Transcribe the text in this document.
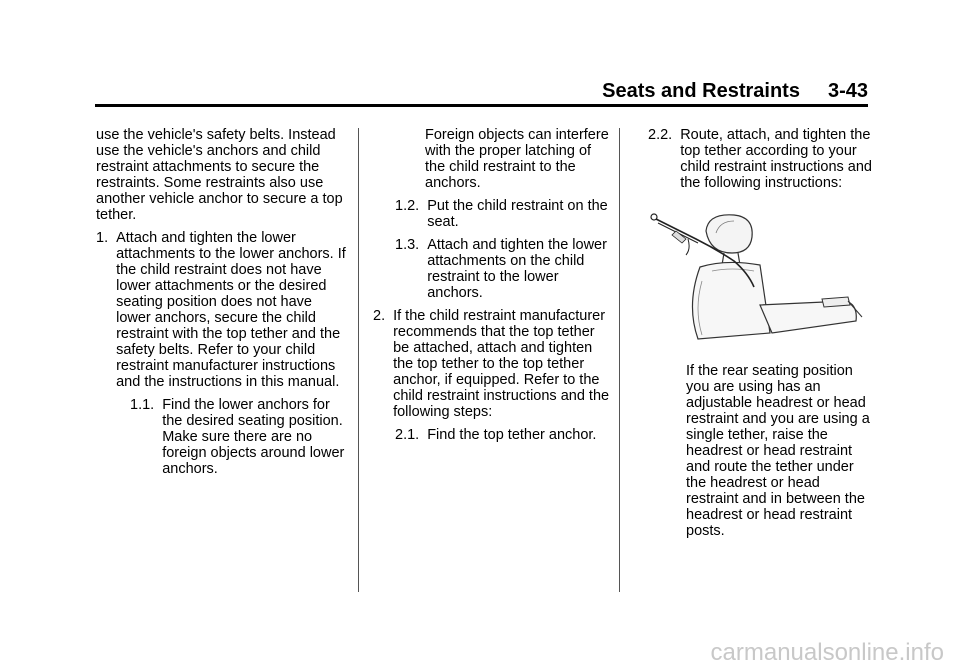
Seats and Restraints 3-43

use the vehicle's safety belts. Instead use the vehicle's anchors and child restraint attachments to secure the restraints. Some restraints also use another vehicle anchor to secure a top tether.

1. Attach and tighten the lower attachments to the lower anchors. If the child restraint does not have lower attachments or the desired seating position does not have lower anchors, secure the child restraint with the top tether and the safety belts. Refer to your child restraint manufacturer instructions and the instructions in this manual.
1.1. Find the lower anchors for the desired seating position. Make sure there are no foreign objects around lower anchors.

Foreign objects can interfere with the proper latching of the child restraint to the anchors.

1.2. Put the child restraint on the seat.
1.3. Attach and tighten the lower attachments on the child restraint to the lower anchors.
2. If the child restraint manufacturer recommends that the top tether be attached, attach and tighten the top tether to the top tether anchor, if equipped. Refer to the child restraint instructions and the following steps:
2.1. Find the top tether anchor.
2.2. Route, attach, and tighten the top tether according to your child restraint instructions and the following instructions:

If the rear seating position you are using has an adjustable headrest or head restraint and you are using a single tether, raise the headrest or head restraint and route the tether under the headrest or head restraint and in between the headrest or head restraint posts.

carmanualsonline.info
